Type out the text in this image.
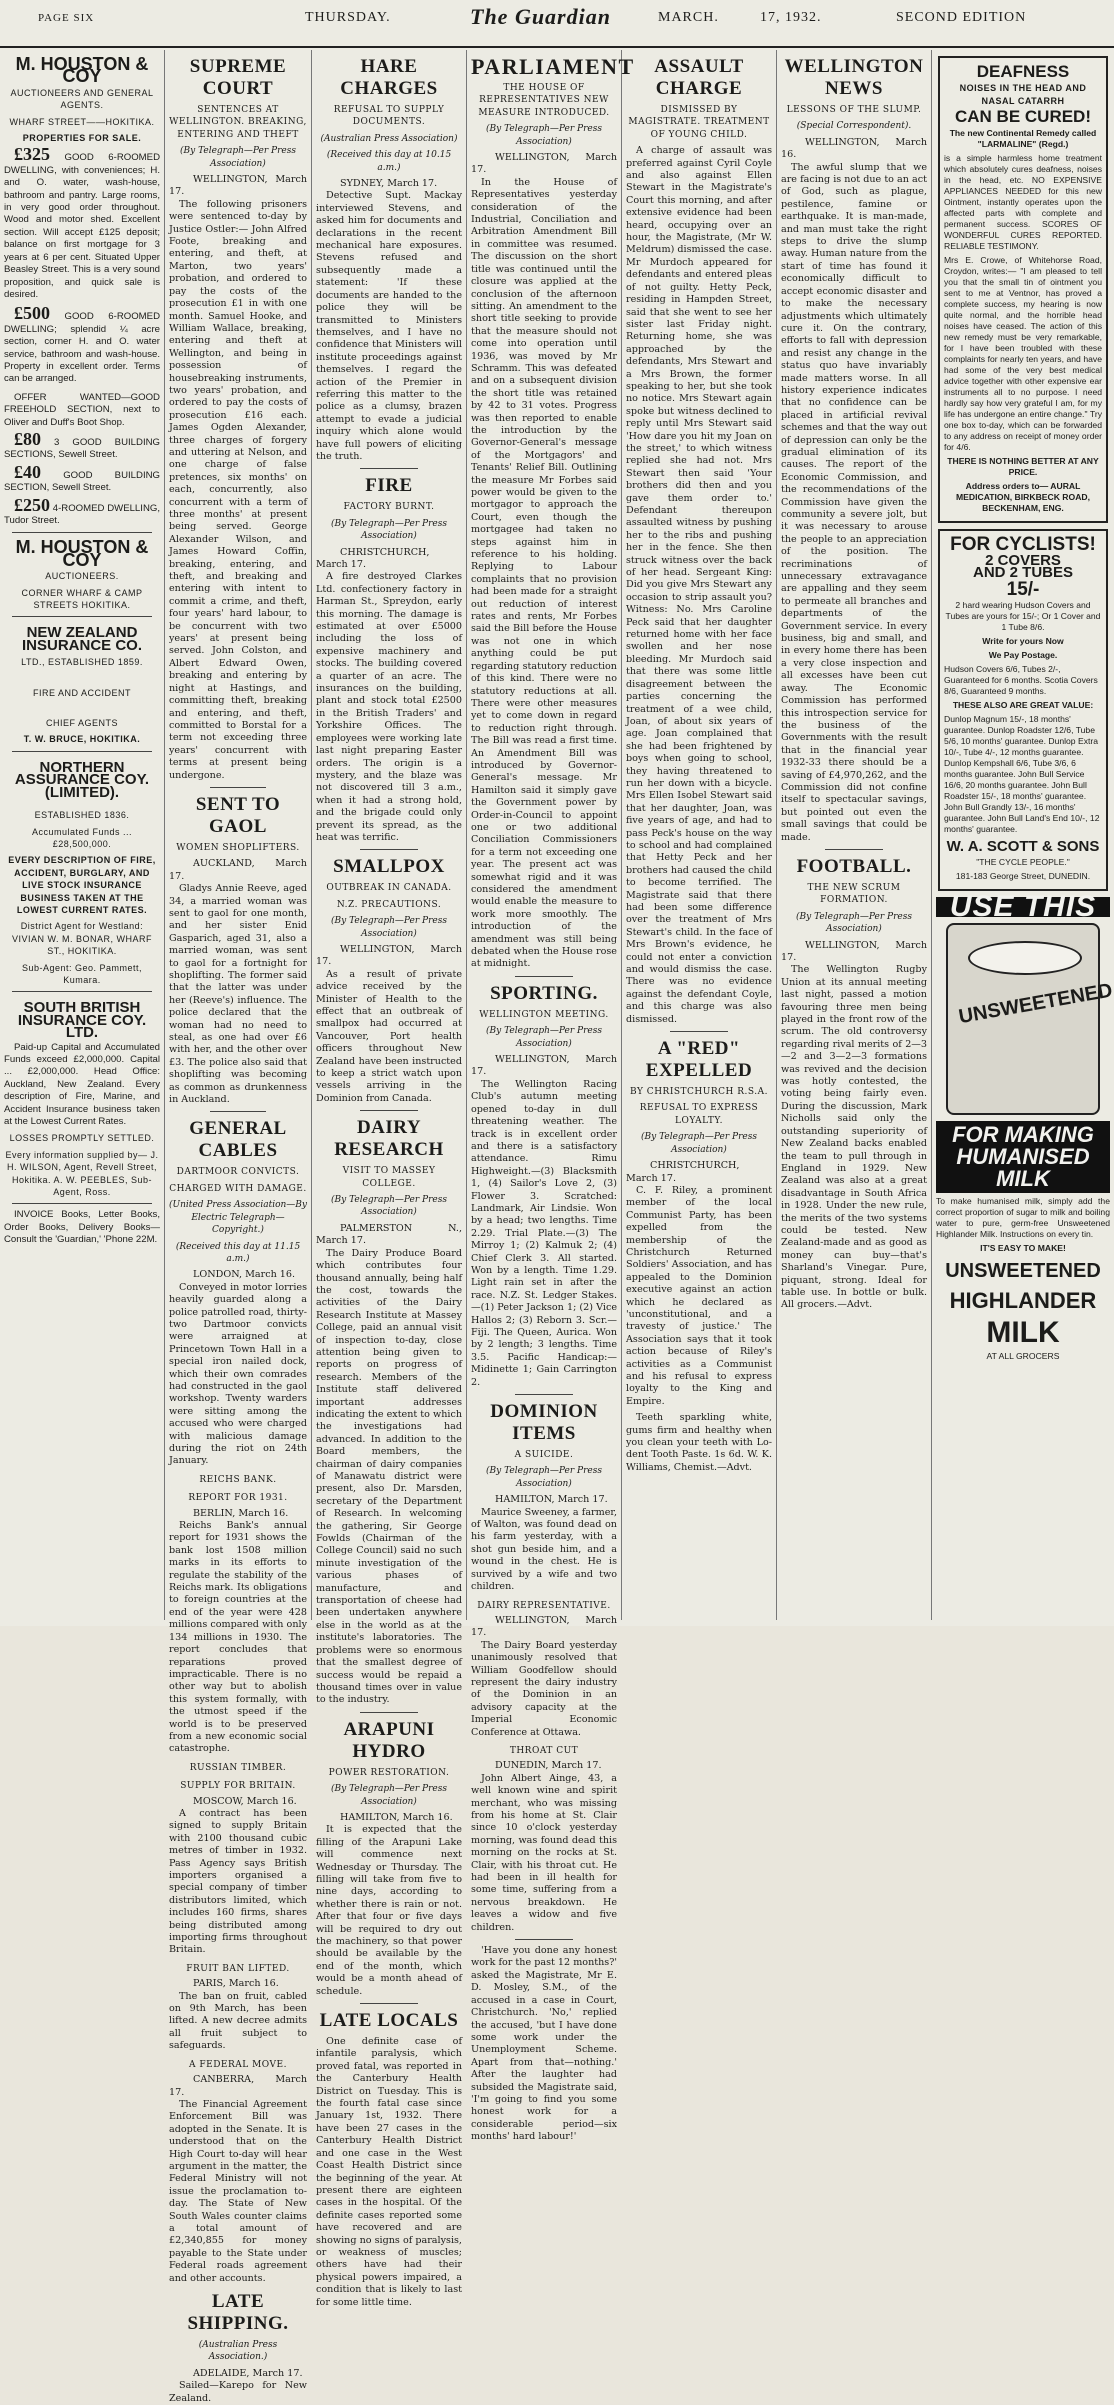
PAGE SIX	THURSDAY.	The Guardian	MARCH.	17, 1932.	SECOND EDITION
M. HOUSTON & COY
AUCTIONEERS AND GENERAL AGENTS.
WHARF STREET——HOKITIKA.
PROPERTIES FOR SALE.

£325 GOOD 6-ROOMED DWELLING, with conveniences; H. and O. water, wash-house, bathroom and pantry. Large rooms, in very good order throughout. Wood and motor shed. Excellent section. Will accept £125 deposit; balance on first mortgage for 3 years at 6 per cent. Situated Upper Beasley Street. This is a very sound proposition, and quick sale is desired.

£500 GOOD 6-ROOMED DWELLING; splendid ¼ acre section, corner H. and O. water service, bathroom and wash-house. Property in excellent order. Terms can be arranged.

OFFER WANTED—GOOD FREEHOLD SECTION, next to Oliver and Duff's Boot Shop.

£80 3 GOOD BUILDING SECTIONS, Sewell Street.

£40 GOOD BUILDING SECTION, Sewell Street.

£250 4-ROOMED DWELLING, Tudor Street.

M. HOUSTON & COY
AUCTIONEERS.
CORNER WHARF & CAMP STREETS HOKITIKA.
NEW ZEALAND INSURANCE CO.
LTD., ESTABLISHED 1859.
FIRE AND ACCIDENT
CHIEF AGENTS
T. W. BRUCE, HOKITIKA.
NORTHERN ASSURANCE COY. (LIMITED).
ESTABLISHED 1836.
Accumulated Funds ... £28,500,000.
EVERY DESCRIPTION OF FIRE, ACCIDENT, BURGLARY, AND LIVE STOCK INSURANCE BUSINESS TAKEN AT THE LOWEST CURRENT RATES.
District Agent for Westland: VIVIAN W. M. BONAR, WHARF ST., HOKITIKA.
Sub-Agent: Geo. Pammett, Kumara.
SOUTH BRITISH INSURANCE COY. LTD.

Paid-up Capital and Accumulated Funds exceed £2,000,000. Capital ... £2,000,000. Head Office: Auckland, New Zealand. Every description of Fire, Marine, and Accident Insurance business taken at the Lowest Current Rates.

LOSSES PROMPTLY SETTLED.
Every information supplied by— J. H. WILSON, Agent, Revell Street, Hokitika. A. W. PEEBLES, Sub-Agent, Ross.

INVOICE Books, Letter Books, Order Books, Delivery Books—Consult the 'Guardian,' 'Phone 22M.

SUPREME COURT
SENTENCES AT WELLINGTON. BREAKING, ENTERING AND THEFT
(By Telegraph—Per Press Association)

WELLINGTON, March 17.

The following prisoners were sentenced to-day by Justice Ostler:— John Alfred Foote, breaking and entering, and theft, at Marton, two years' probation, and ordered to pay the costs of the prosecution £1 in with one month. Samuel Hooke, and William Wallace, breaking, entering and theft at Wellington, and being in possession of housebreaking instruments, two years' probation, and ordered to pay the costs of prosecution £16 each. James Ogden Alexander, three charges of forgery and uttering at Nelson, and one charge of false pretences, six months' on each, concurrently, also concurrent with a term of three months' at present being served. George Alexander Wilson, and James Howard Coffin, breaking, entering, and theft, and breaking and entering with intent to commit a crime, and theft, four years' hard labour, to be concurrent with two years' at present being served. John Colston, and Albert Edward Owen, breaking and entering by night at Hastings, and committing theft, breaking and entering, and theft, committed to Borstal for a term not exceeding three years' concurrent with terms at present being undergone.

SENT TO GAOL
WOMEN SHOPLIFTERS.

AUCKLAND, March 17.

Gladys Annie Reeve, aged 34, a married woman was sent to gaol for one month, and her sister Enid Gasparich, aged 31, also a married woman, was sent to gaol for a fortnight for shoplifting. The former said that the latter was under her (Reeve's) influence. The police declared that the woman had no need to steal, as one had over £6 with her, and the other over £3. The police also said that shoplifting was becoming as common as drunkenness in Auckland.

GENERAL CABLES
DARTMOOR CONVICTS.
CHARGED WITH DAMAGE.
(United Press Association—By Electric Telegraph—Copyright.)
(Received this day at 11.15 a.m.)

LONDON, March 16.

Conveyed in motor lorries heavily guarded along a police patrolled road, thirty-two Dartmoor convicts were arraigned at Princetown Town Hall in a special iron nailed dock, which their own comrades had constructed in the gaol workshop. Twenty warders were sitting among the accused who were charged with malicious damage during the riot on 24th January.

REICHS BANK.
REPORT FOR 1931.

BERLIN, March 16.

Reichs Bank's annual report for 1931 shows the bank lost 1508 million marks in its efforts to regulate the stability of the Reichs mark. Its obligations to foreign countries at the end of the year were 428 millions compared with only 134 millions in 1930. The report concludes that reparations proved impracticable. There is no other way but to abolish this system formally, with the utmost speed if the world is to be preserved from a new economic social catastrophe.

RUSSIAN TIMBER.
SUPPLY FOR BRITAIN.

MOSCOW, March 16.

A contract has been signed to supply Britain with 2100 thousand cubic metres of timber in 1932. Pass Agency says British importers organised a special company of timber distributors limited, which includes 160 firms, shares being distributed among importing firms throughout Britain.

FRUIT BAN LIFTED.

PARIS, March 16.

The ban on fruit, cabled on 9th March, has been lifted. A new decree admits all fruit subject to safeguards.

A FEDERAL MOVE.

CANBERRA, March 17.

The Financial Agreement Enforcement Bill was adopted in the Senate. It is understood that on the High Court to-day will hear argument in the matter, the Federal Ministry will not issue the proclamation to-day. The State of New South Wales counter claims a total amount of £2,340,855 for money payable to the State under Federal roads agreement and other accounts.

LATE SHIPPING.
(Australian Press Association.)

ADELAIDE, March 17.

Sailed—Karepo for New Zealand.

HARE CHARGES
REFUSAL TO SUPPLY DOCUMENTS.
(Australian Press Association)
(Received this day at 10.15 a.m.)

SYDNEY, March 17.

Detective Supt. Mackay interviewed Stevens, and asked him for documents and declarations in the recent mechanical hare exposures. Stevens refused and subsequently made a statement: 'If these documents are handed to the police they will be transmitted to Ministers themselves, and I have no confidence that Ministers will institute proceedings against themselves. I regard the action of the Premier in referring this matter to the police as a clumsy, brazen attempt to evade a judicial inquiry which alone would have full powers of eliciting the truth.

FIRE
FACTORY BURNT.
(By Telegraph—Per Press Association)

CHRISTCHURCH, March 17.

A fire destroyed Clarkes Ltd. confectionery factory in Harman St., Spreydon, early this morning. The damage is estimated at over £5000 including the loss of expensive machinery and stocks. The building covered a quarter of an acre. The insurances on the building, plant and stock total £2500 in the British Traders' and Yorkshire Offices. The employees were working late last night preparing Easter orders. The origin is a mystery, and the blaze was not discovered till 3 a.m., when it had a strong hold, and the brigade could only prevent its spread, as the heat was terrific.

SMALLPOX
OUTBREAK IN CANADA.
N.Z. PRECAUTIONS.
(By Telegraph—Per Press Association)

WELLINGTON, March 17.

As a result of private advice received by the Minister of Health to the effect that an outbreak of smallpox had occurred at Vancouver, Port health officers throughout New Zealand have been instructed to keep a strict watch upon vessels arriving in the Dominion from Canada.

DAIRY RESEARCH
VISIT TO MASSEY COLLEGE.
(By Telegraph—Per Press Association)

PALMERSTON N., March 17.

The Dairy Produce Board which contributes four thousand annually, being half the cost, towards the activities of the Dairy Research Institute at Massey College, paid an annual visit of inspection to-day, close attention being given to reports on progress of research. Members of the Institute staff delivered important addresses indicating the extent to which the investigations had advanced. In addition to the Board members, the chairman of dairy companies of Manawatu district were present, also Dr. Marsden, secretary of the Department of Research. In welcoming the gathering, Sir George Fowlds (Chairman of the College Council) said no such minute investigation of the various phases of manufacture, and transportation of cheese had been undertaken anywhere else in the world as at the institute's laboratories. The problems were so enormous that the smallest degree of success would be repaid a thousand times over in value to the industry.

ARAPUNI HYDRO
POWER RESTORATION.
(By Telegraph—Per Press Association)

HAMILTON, March 16.

It is expected that the filling of the Arapuni Lake will commence next Wednesday or Thursday. The filling will take from five to nine days, according to whether there is rain or not. After that four or five days will be required to dry out the machinery, so that power should be available by the end of the month, which would be a month ahead of schedule.

LATE LOCALS

One definite case of infantile paralysis, which proved fatal, was reported in the Canterbury Health District on Tuesday. This is the fourth fatal case since January 1st, 1932. There have been 27 cases in the Canterbury Health District and one case in the West Coast Health District since the beginning of the year. At present there are eighteen cases in the hospital. Of the definite cases reported some have recovered and are showing no signs of paralysis, or weakness of muscles; others have had their physical powers impaired, a condition that is likely to last for some little time.

PARLIAMENT
THE HOUSE OF REPRESENTATIVES NEW MEASURE INTRODUCED.
(By Telegraph—Per Press Association)

WELLINGTON, March 17.

In the House of Representatives yesterday consideration of the Industrial, Conciliation and Arbitration Amendment Bill in committee was resumed. The discussion on the short title was continued until the closure was applied at the conclusion of the afternoon sitting. An amendment to the short title seeking to provide that the measure should not come into operation until 1936, was moved by Mr Schramm. This was defeated and on a subsequent division the short title was retained by 42 to 31 votes. Progress was then reported to enable the introduction by the Governor-General's message of the Mortgagors' and Tenants' Relief Bill. Outlining the measure Mr Forbes said power would be given to the mortgagor to approach the Court, even though the mortgagee had taken no steps against him in reference to his holding. Replying to Labour complaints that no provision had been made for a straight out reduction of interest rates and rents, Mr Forbes said the Bill before the House was not one in which anything could be put regarding statutory reduction of this kind. There were no statutory reductions at all. There were other measures yet to come down in regard to reduction right through. The Bill was read a first time. An Amendment Bill was introduced by Governor-General's message. Mr Hamilton said it simply gave the Government power by Order-in-Council to appoint one or two additional Conciliation Commissioners for a term not exceeding one year. The present act was somewhat rigid and it was considered the amendment would enable the measure to work more smoothly. The introduction of the amendment was still being debated when the House rose at midnight.

SPORTING.
WELLINGTON MEETING.
(By Telegraph—Per Press Association)

WELLINGTON, March 17.

The Wellington Racing Club's autumn meeting opened to-day in dull threatening weather. The track is in excellent order and there is a satisfactory attendance. Rimu Highweight.—(3) Blacksmith 1, (4) Sailor's Love 2, (3) Flower 3. Scratched: Landmark, Air Lindsie. Won by a head; two lengths. Time 2.29. Trial Plate.—(3) The Mirroy 1; (2) Kalmuk 2; (4) Chief Clerk 3. All started. Won by a length. Time 1.29. Light rain set in after the race. N.Z. St. Ledger Stakes.—(1) Peter Jackson 1; (2) Vice Hallos 2; (3) Reborn 3. Scr.—Fiji. The Queen, Aurica. Won by 2 length; 3 lengths. Time 3.5. Pacific Handicap:—Midinette 1; Gain Carrington 2.

DOMINION ITEMS
A SUICIDE.
(By Telegraph—Per Press Association)

HAMILTON, March 17.

Maurice Sweeney, a farmer, of Walton, was found dead on his farm yesterday, with a shot gun beside him, and a wound in the chest. He is survived by a wife and two children.

DAIRY REPRESENTATIVE.

WELLINGTON, March 17.

The Dairy Board yesterday unanimously resolved that William Goodfellow should represent the dairy industry of the Dominion in an advisory capacity at the Imperial Economic Conference at Ottawa.

THROAT CUT

DUNEDIN, March 17.

John Albert Ainge, 43, a well known wine and spirit merchant, who was missing from his home at St. Clair since 10 o'clock yesterday morning, was found dead this morning on the rocks at St. Clair, with his throat cut. He had been in ill health for some time, suffering from a nervous breakdown. He leaves a widow and five children.

'Have you done any honest work for the past 12 months?' asked the Magistrate, Mr E. D. Mosley, S.M., of the accused in a case in Court, Christchurch. 'No,' replied the accused, 'but I have done some work under the Unemployment Scheme. Apart from that—nothing.' After the laughter had subsided the Magistrate said, 'I'm going to find you some honest work for a considerable period—six months' hard labour!'

ASSAULT CHARGE
DISMISSED BY MAGISTRATE. TREATMENT OF YOUNG CHILD.

A charge of assault was preferred against Cyril Coyle and also against Ellen Stewart in the Magistrate's Court this morning, and after extensive evidence had been heard, occupying over an hour, the Magistrate, (Mr W. Meldrum) dismissed the case. Mr Murdoch appeared for defendants and entered pleas of not guilty. Hetty Peck, residing in Hampden Street, said that she went to see her sister last Friday night. Returning home, she was approached by the defendants, Mrs Stewart and a Mrs Brown, the former speaking to her, but she took no notice. Mrs Stewart again spoke but witness declined to reply until Mrs Stewart said 'How dare you hit my Joan on the street,' to which witness replied she had not. Mrs Stewart then said 'Your brothers did then and you gave them order to.' Defendant thereupon assaulted witness by pushing her to the ribs and pushing her in the fence. She then struck witness over the back of her head. Sergeant King: Did you give Mrs Stewart any occasion to strip assault you? Witness: No. Mrs Caroline Peck said that her daughter returned home with her face swollen and her nose bleeding. Mr Murdoch said that there was some little disagreement between the parties concerning the treatment of a wee child, Joan, of about six years of age. Joan complained that she had been frightened by boys when going to school, they having threatened to run her down with a bicycle. Mrs Ellen Isobel Stewart said that her daughter, Joan, was five years of age, and had to pass Peck's house on the way to school and had complained that Hetty Peck and her brothers had caused the child to become terrified. The Magistrate said that there had been some difference over the treatment of Mrs Stewart's child. In the face of Mrs Brown's evidence, he could not enter a conviction and would dismiss the case. There was no evidence against the defendant Coyle, and this charge was also dismissed.

A "RED" EXPELLED
BY CHRISTCHURCH R.S.A.
REFUSAL TO EXPRESS LOYALTY.
(By Telegraph—Per Press Association)

CHRISTCHURCH, March 17.

C. F. Riley, a prominent member of the local Communist Party, has been expelled from the membership of the Christchurch Returned Soldiers' Association, and has appealed to the Dominion executive against an action which he declared as 'unconstitutional, and a travesty of justice.' The Association says that it took action because of Riley's activities as a Communist and his refusal to express loyalty to the King and Empire.

Teeth sparkling white, gums firm and healthy when you clean your teeth with Lo-dent Tooth Paste. 1s 6d. W. K. Williams, Chemist.—Advt.

WELLINGTON NEWS
LESSONS OF THE SLUMP.
(Special Correspondent).

WELLINGTON, March 16.

The awful slump that we are facing is not due to an act of God, such as plague, pestilence, famine or earthquake. It is man-made, and man must take the right steps to drive the slump away. Human nature from the start of time has found it economically difficult to accept economic disaster and to make the necessary adjustments which ultimately cure it. On the contrary, efforts to fall with depression and resist any change in the status quo have invariably made matters worse. In all history experience indicates that no confidence can be placed in artificial revival schemes and that the way out of depression can only be the gradual elimination of its causes. The report of the Economic Commission, and the recommendations of the Commission have given the community a severe jolt, but it was necessary to arouse the people to an appreciation of the position. The recriminations of unnecessary extravagance are appalling and they seem to permeate all branches and departments of the Government service. In every business, big and small, and in every home there has been a very close inspection and all excesses have been cut away. The Economic Commission has performed this introspection service for the business of the Governments with the result that in the financial year 1932-33 there should be a saving of £4,970,262, and the Commission did not confine itself to spectacular savings, but pointed out even the small savings that could be made.

FOOTBALL.
THE NEW SCRUM FORMATION.
(By Telegraph—Per Press Association)

WELLINGTON, March 17.

The Wellington Rugby Union at its annual meeting last night, passed a motion favouring three men being played in the front row of the scrum. The old controversy regarding rival merits of 2—3—2 and 3—2—3 formations was revived and the decision was hotly contested, the voting being fairly even. During the discussion, Mark Nicholls said only the outstanding superiority of New Zealand backs enabled the team to pull through in England in 1929. New Zealand was also at a great disadvantage in South Africa in 1928. Under the new rule, the merits of the two systems could be tested. New Zealand-made and as good as money can buy—that's Sharland's Vinegar. Pure, piquant, strong. Ideal for table use. In bottle or bulk. All grocers.—Advt.

DEAFNESS
NOISES IN THE HEAD AND NASAL CATARRH
CAN BE CURED!
The new Continental Remedy called "LARMALINE" (Regd.)
is a simple harmless home treatment which absolutely cures deafness, noises in the head, etc. NO EXPENSIVE APPLIANCES NEEDED for this new Ointment, instantly operates upon the affected parts with complete and permanent success. SCORES OF WONDERFUL CURES REPORTED. RELIABLE TESTIMONY.
Mrs E. Crowe, of Whitehorse Road, Croydon, writes:— "I am pleased to tell you that the small tin of ointment you sent to me at Ventnor, has proved a complete success, my hearing is now quite normal, and the horrible head noises have ceased. The action of this new remedy must be very remarkable, for I have been troubled with these complaints for nearly ten years, and have had some of the very best medical advice together with other expensive ear instruments all to no purpose. I need hardly say how very grateful I am, for my life has undergone an entire change." Try one box to-day, which can be forwarded to any address on receipt of money order for 4/6.
THERE IS NOTHING BETTER AT ANY PRICE.
Address orders to— AURAL MEDICATION, BIRKBECK ROAD, BECKENHAM, ENG.
FOR CYCLISTS!
2 COVERS
AND 2 TUBES
15/-
2 hard wearing Hudson Covers and Tubes are yours for 15/-; Or 1 Cover and 1 Tube 8/6.
Write for yours Now
We Pay Postage.
Hudson Covers 6/6, Tubes 2/-, Guaranteed for 6 months. Scotia Covers 8/6, Guaranteed 9 months.
THESE ALSO ARE GREAT VALUE:
Dunlop Magnum 15/-, 18 months' guarantee. Dunlop Roadster 12/6, Tube 5/6, 10 months' guarantee. Dunlop Extra 10/-, Tube 4/-, 12 months guarantee. Dunlop Kempshall 6/6, Tube 3/6, 6 months guarantee. John Bull Service 16/6, 20 months guarantee. John Bull Roadster 15/-, 18 months' guarantee. John Bull Grandly 13/-, 16 months' guarantee. John Bull Land's End 10/-, 12 months' guarantee.
W. A. SCOTT & SONS
"THE CYCLE PEOPLE."
181-183 George Street, DUNEDIN.
USE THIS
UNSWEETENED
FOR MAKING HUMANISED MILK
To make humanised milk, simply add the correct proportion of sugar to milk and boiling water to pure, germ-free Unsweetened Highlander Milk. Instructions on every tin.
IT'S EASY TO MAKE!
UNSWEETENED
HIGHLANDER
MILK
AT ALL GROCERS
